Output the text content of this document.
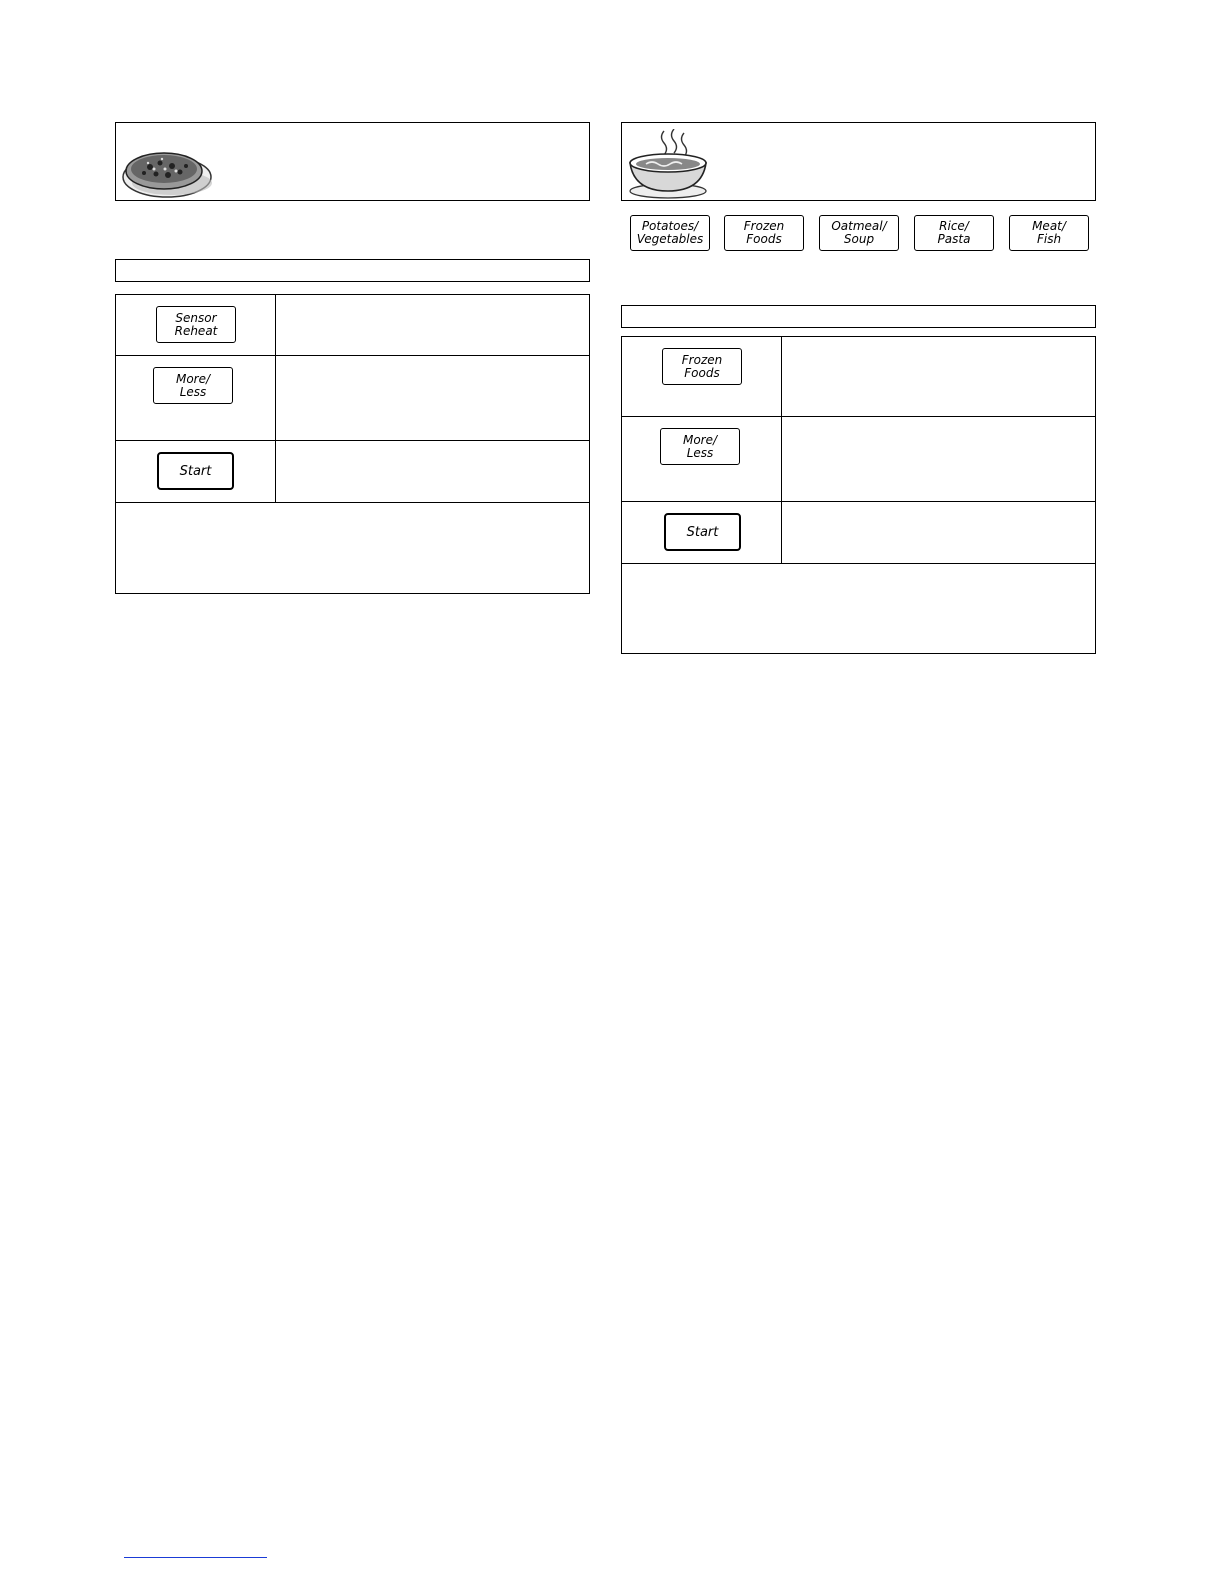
Sensor
Reheat
More/
Less
Start
Potatoes/
Vegetables
Frozen
Foods
Oatmeal/
Soup
Rice/
Pasta
Meat/
Fish
Frozen
Foods
More/
Less
Start
